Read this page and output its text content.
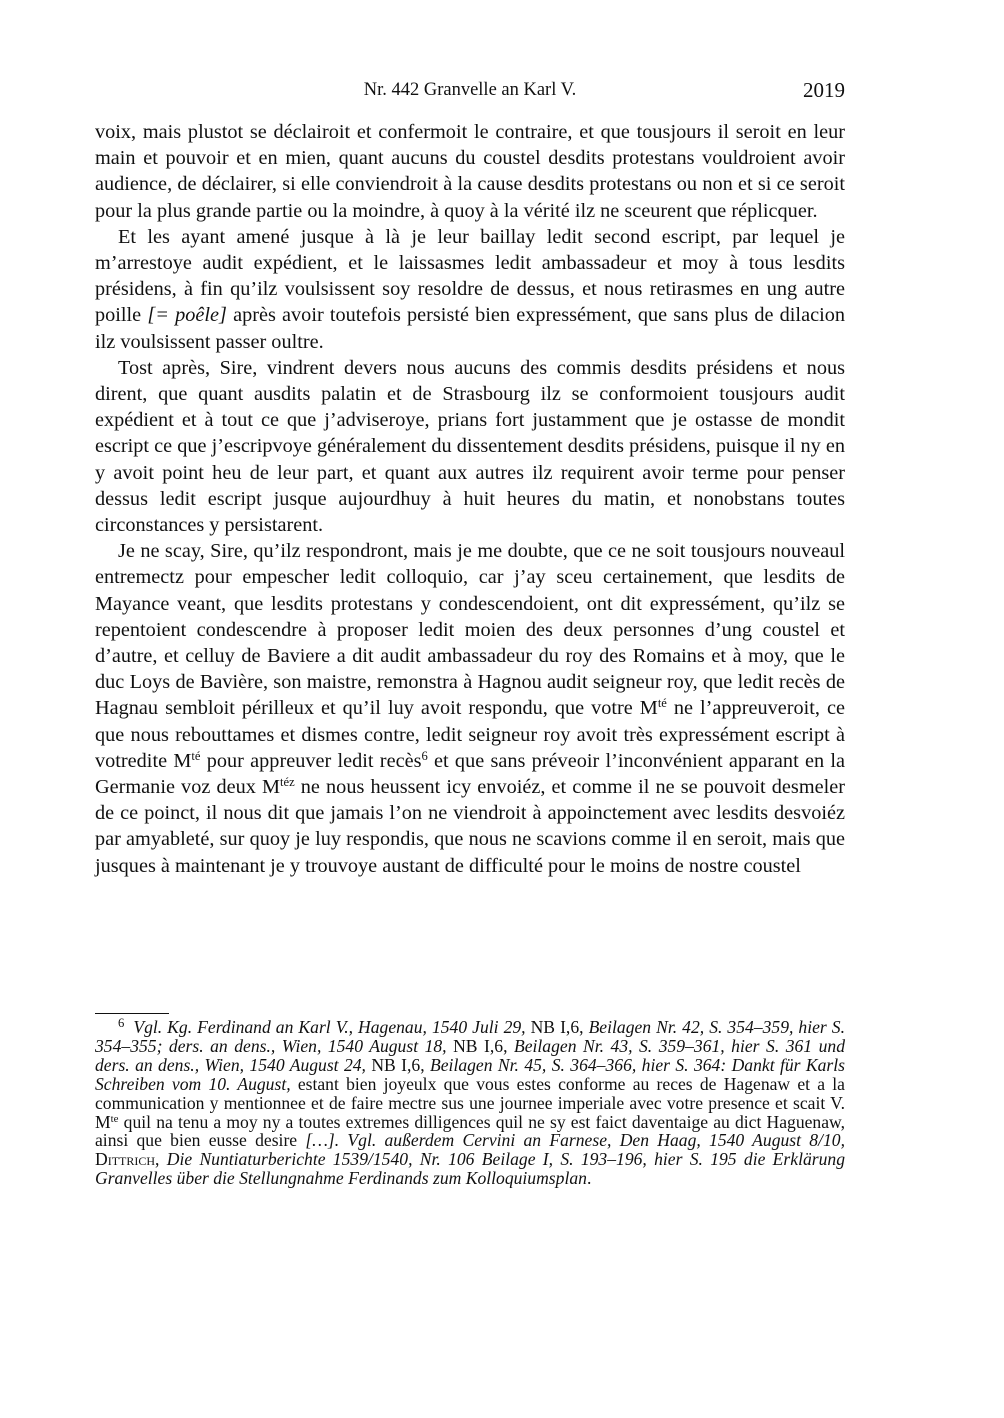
Nr. 442 Granvelle an Karl V.	2019

voix, mais plustot se déclairoit et confermoit le contraire, et que tousjours il seroit en leur main et pouvoir et en mien, quant aucuns du coustel desdits protestans vouldroient avoir audience, de déclairer, si elle conviendroit à la cause desdits protestans ou non et si ce seroit pour la plus grande partie ou la moindre, à quoy à la vérité ilz ne sceurent que réplicquer.

Et les ayant amené jusque à là je leur baillay ledit second escript, par lequel je m’arrestoye audit expédient, et le laissasmes ledit ambassadeur et moy à tous lesdits présidens, à fin qu’ilz voulsissent soy resoldre de dessus, et nous retirasmes en ung autre poille [= poêle] après avoir toutefois persisté bien expressément, que sans plus de dilacion ilz voulsissent passer oultre.

Tost après, Sire, vindrent devers nous aucuns des commis desdits présidens et nous dirent, que quant ausdits palatin et de Strasbourg ilz se conformoient tousjours audit expédient et à tout ce que j’adviseroye, prians fort justamment que je ostasse de mondit escript ce que j’escripvoye généralement du dissentement desdits présidens, puisque il ny en y avoit point heu de leur part, et quant aux autres ilz requirent avoir terme pour penser dessus ledit escript jusque aujourdhuy à huit heures du matin, et nonobstans toutes circonstances y persistarent.

Je ne scay, Sire, qu’ilz respondront, mais je me doubte, que ce ne soit tousjours nouveaul entremectz pour empescher ledit colloquio, car j’ay sceu certainement, que lesdits de Mayance veant, que lesdits protestans y condescendoient, ont dit expressément, qu’ilz se repentoient condescendre à proposer ledit moien des deux personnes d’ung coustel et d’autre, et celluy de Baviere a dit audit ambassadeur du roy des Romains et à moy, que le duc Loys de Bavière, son maistre, remonstra à Hagnou audit seigneur roy, que ledit recès de Hagnau sembloit périlleux et qu’il luy avoit respondu, que votre $M^{té}$ ne l’appreuveroit, ce que nous rebouttames et dismes contre, ledit seigneur roy avoit très expressément escript à votredite $M^{té}$ pour appreuver ledit recès$^6$ et que sans préveoir l’inconvénient apparant en la Germanie voz deux $M^{téz}$ ne nous heussent icy envoiéz, et comme il ne se pouvoit desmeler de ce poinct, il nous dit que jamais l’on ne viendroit à appoinctement avec lesdits desvoiéz par amyableté, sur quoy je luy respondis, que nous ne scavions comme il en seroit, mais que jusques à maintenant je y trouvoye austant de difficulté pour le moins de nostre coustel

$^6$ Vgl. Kg. Ferdinand an Karl V., Hagenau, 1540 Juli 29, NB I,6, Beilagen Nr. 42, S. 354–359, hier S. 354–355; ders. an dens., Wien, 1540 August 18, NB I,6, Beilagen Nr. 43, S. 359–361, hier S. 361 und ders. an dens., Wien, 1540 August 24, NB I,6, Beilagen Nr. 45, S. 364–366, hier S. 364: Dankt für Karls Schreiben vom 10. August, estant bien joyeulx que vous estes conforme au reces de Hagenaw et a la communication y mentionnee et de faire mectre sus une journee imperiale avec votre presence et scait V. $M^{te}$ quil na tenu a moy ny a toutes extremes dilligences quil ne sy est faict daventaige au dict Haguenaw, ainsi que bien eusse desire […]. Vgl. außerdem Cervini an Farnese, Den Haag, 1540 August 8/10, Dittrich, Die Nuntiaturberichte 1539/1540, Nr. 106 Beilage I, S. 193–196, hier S. 195 die Erklärung Granvelles über die Stellungnahme Ferdinands zum Kolloquiumsplan.
